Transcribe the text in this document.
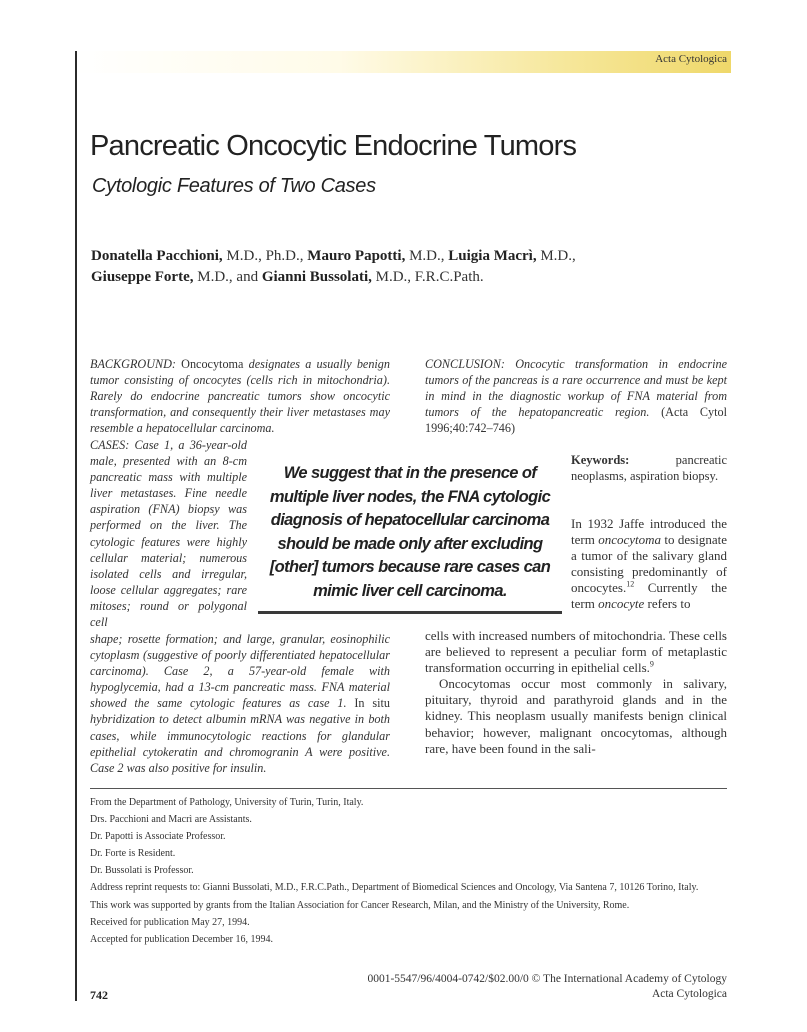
Acta Cytologica
Pancreatic Oncocytic Endocrine Tumors
Cytologic Features of Two Cases
Donatella Pacchioni, M.D., Ph.D., Mauro Papotti, M.D., Luigia Macrì, M.D.,
Giuseppe Forte, M.D., and Gianni Bussolati, M.D., F.R.C.Path.
BACKGROUND: Oncocytoma designates a usually benign tumor consisting of oncocytes (cells rich in mitochondria). Rarely do endocrine pancreatic tumors show oncocytic transformation, and consequently their liver metastases may resemble a hepatocellular carcinoma.
CASES: Case 1, a 36-year-old male, presented with an 8-cm pancreatic mass with multiple liver metastases. Fine needle aspiration (FNA) biopsy was performed on the liver. The cytologic features were highly cellular material; numerous isolated cells and irregular, loose cellular aggregates; rare mitoses; round or polygonal cell
shape; rosette formation; and large, granular, eosinophilic cytoplasm (suggestive of poorly differentiated hepatocellular carcinoma). Case 2, a 57-year-old female with hypoglycemia, had a 13-cm pancreatic mass. FNA material showed the same cytologic features as case 1. In situ hybridization to detect albumin mRNA was negative in both cases, while immunocytologic reactions for glandular epithelial cytokeratin and chromogranin A were positive. Case 2 was also positive for insulin.
CONCLUSION: Oncocytic transformation in endocrine tumors of the pancreas is a rare occurrence and must be kept in mind in the diagnostic workup of FNA material from tumors of the hepatopancreatic region. (Acta Cytol 1996;40:742–746)
We suggest that in the presence of multiple liver nodes, the FNA cytologic diagnosis of hepatocellular carcinoma should be made only after excluding [other] tumors because rare cases can mimic liver cell carcinoma.
Keywords: pancreatic neoplasms, aspiration biopsy.
In 1932 Jaffe introduced the term oncocytoma to designate a tumor of the salivary gland consisting predominantly of oncocytes.$^{12}$ Currently the term oncocyte refers to

cells with increased numbers of mitochondria. These cells are believed to represent a peculiar form of metaplastic transformation occurring in epithelial cells.$^9$

Oncocytomas occur most commonly in salivary, pituitary, thyroid and parathyroid glands and in the kidney. This neoplasm usually manifests benign clinical behavior; however, malignant oncocytomas, although rare, have been found in the sali-

From the Department of Pathology, University of Turin, Turin, Italy.

Drs. Pacchioni and Macrì are Assistants.

Dr. Papotti is Associate Professor.

Dr. Forte is Resident.

Dr. Bussolati is Professor.

Address reprint requests to: Gianni Bussolati, M.D., F.R.C.Path., Department of Biomedical Sciences and Oncology, Via Santena 7, 10126 Torino, Italy.

This work was supported by grants from the Italian Association for Cancer Research, Milan, and the Ministry of the University, Rome.

Received for publication May 27, 1994.

Accepted for publication December 16, 1994.

0001-5547/96/4004-0742/$02.00/0 © The International Academy of Cytology
742	Acta Cytologica
